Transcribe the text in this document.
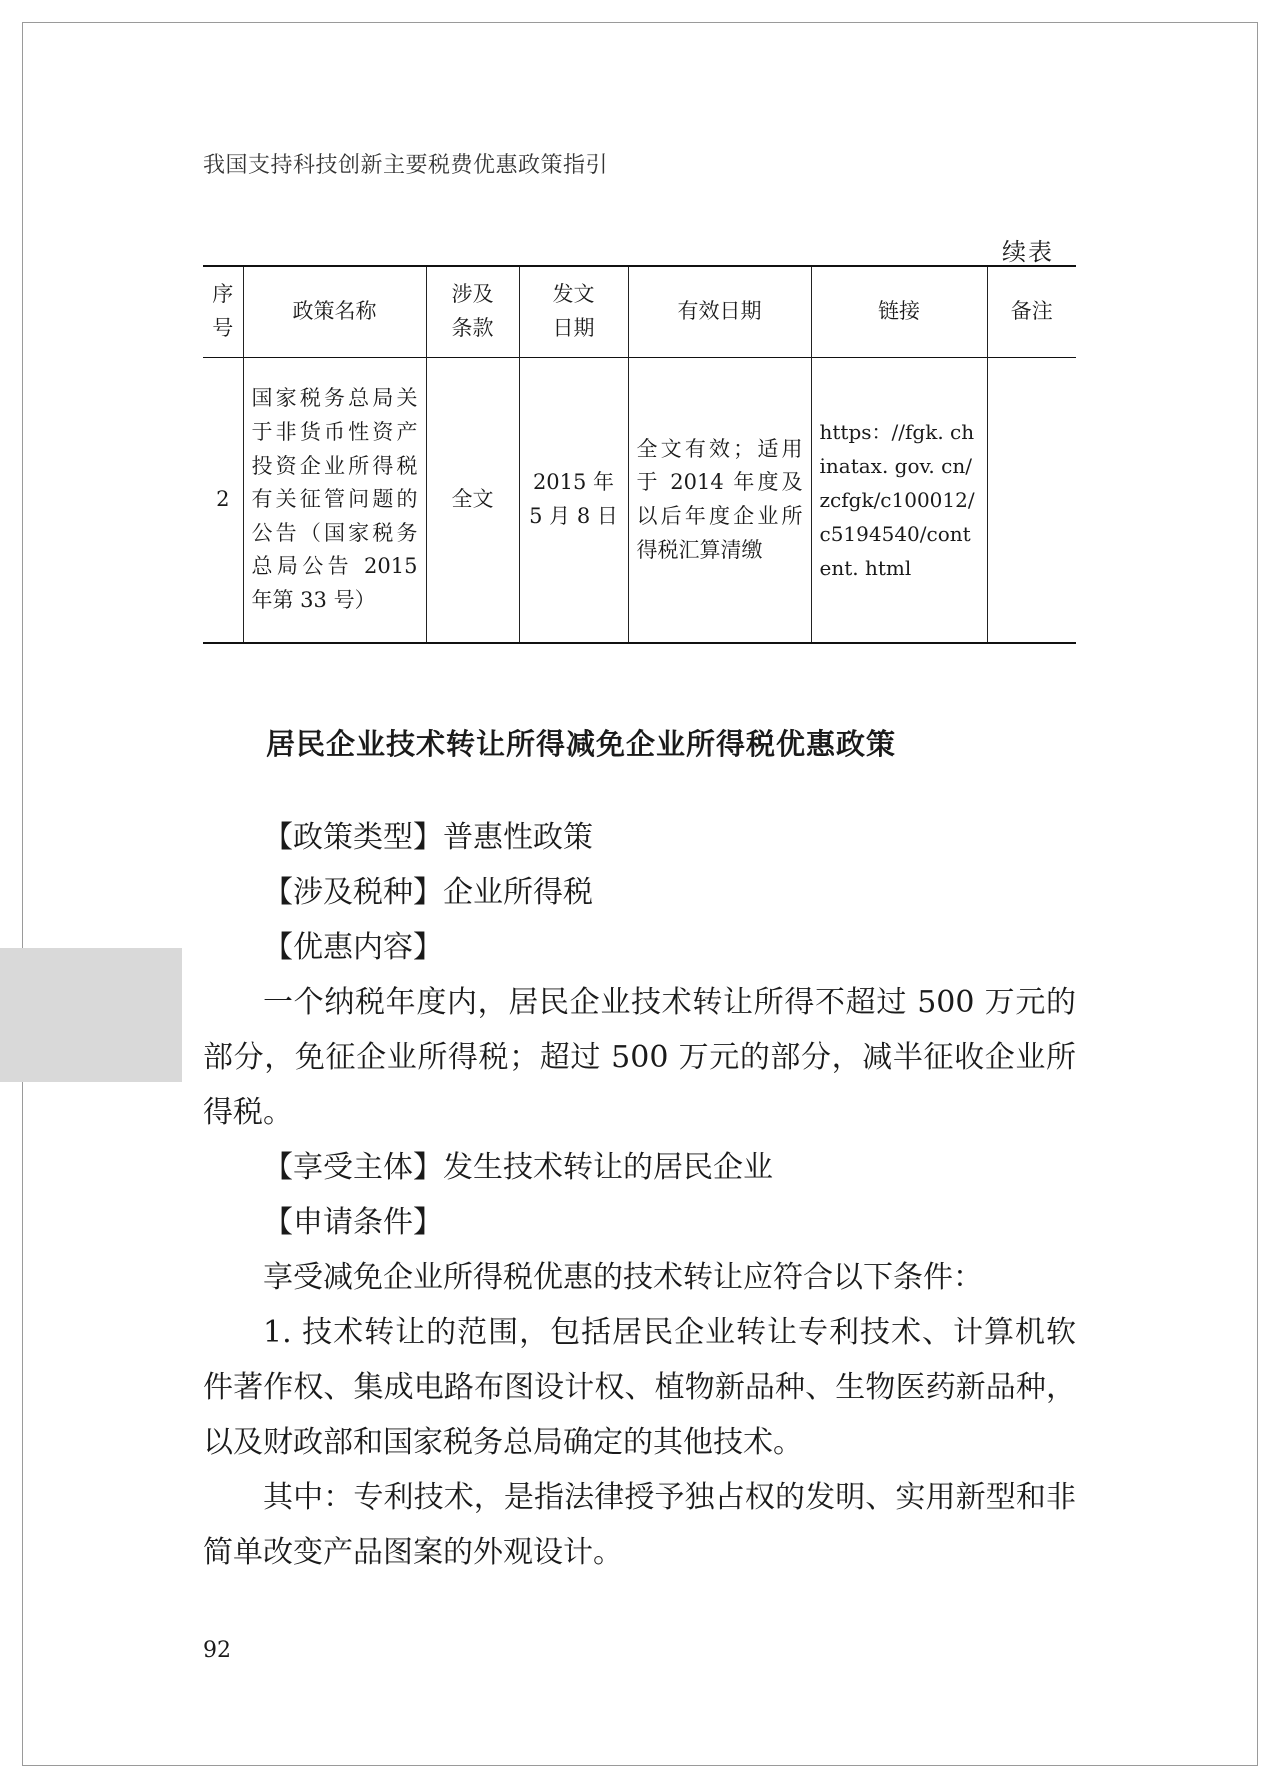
我国支持科技创新主要税费优惠政策指引
续表
序号	政策名称	涉及条款	发文日期	有效日期	链接	备注
2	国家税务总局关于非货币性资产投资企业所得税有关征管问题的公告（国家税务总局公告 2015 年第 33 号）	全文	2015 年 5 月 8 日	全文有效；适用于 2014 年度及以后年度企业所得税汇算清缴	https：//fgk. chinatax. gov. cn/ zcfgk/c100012/ c5194540/content. html	
居民企业技术转让所得减免企业所得税优惠政策

【政策类型】普惠性政策

【涉及税种】企业所得税

【优惠内容】

一个纳税年度内，居民企业技术转让所得不超过 500 万元的部分，免征企业所得税；超过 500 万元的部分，减半征收企业所得税。

【享受主体】发生技术转让的居民企业

【申请条件】

享受减免企业所得税优惠的技术转让应符合以下条件：

1. 技术转让的范围，包括居民企业转让专利技术、计算机软件著作权、集成电路布图设计权、植物新品种、生物医药新品种，以及财政部和国家税务总局确定的其他技术。

其中：专利技术，是指法律授予独占权的发明、实用新型和非简单改变产品图案的外观设计。

92
